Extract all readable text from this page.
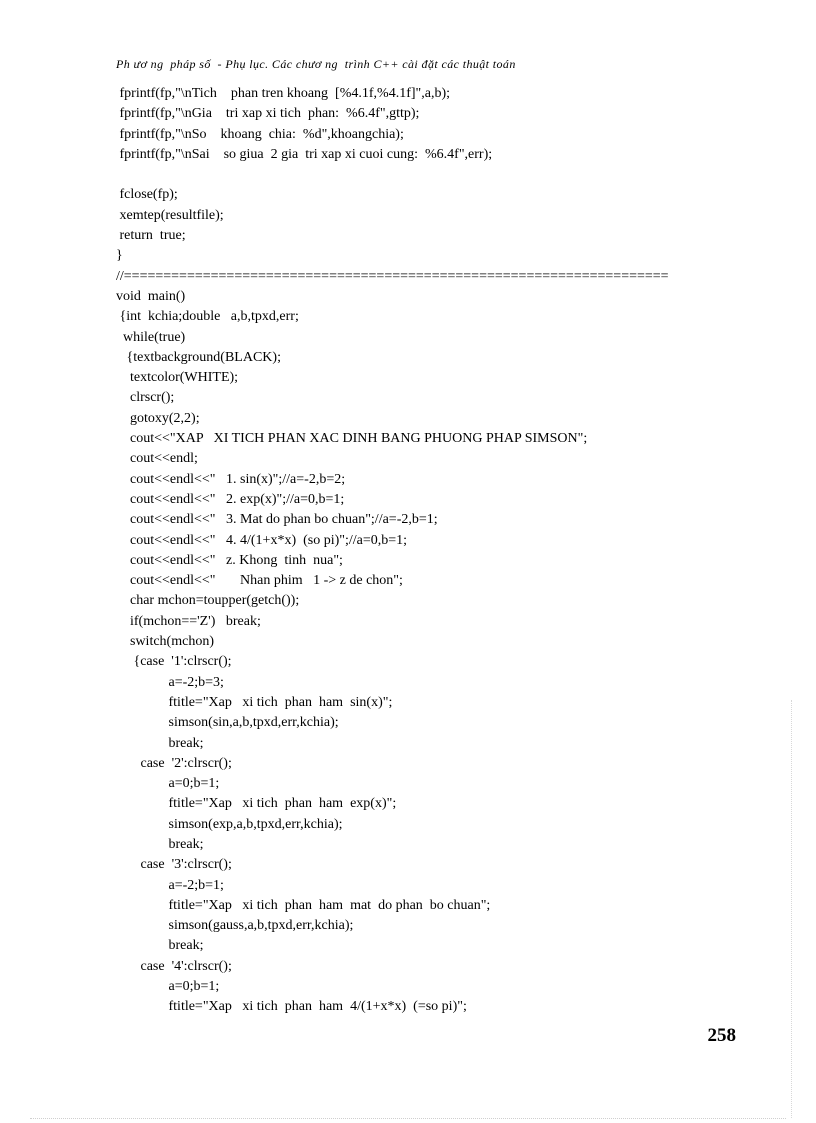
Ph ươ ng  pháp số  - Phụ lục. Các chươ ng  trình C++ cài đặt các thuật toán
fprintf(fp,"\nTich    phan tren khoang  [%4.1f,%4.1f]",a,b);
fprintf(fp,"\nGia    tri xap xi tich  phan:  %6.4f",gttp);
fprintf(fp,"\nSo    khoang  chia:  %d",khoangchia);
fprintf(fp,"\nSai    so giua  2 gia  tri xap xi cuoi cung:  %6.4f",err);
fclose(fp);
xemtep(resultfile);
return  true;
}
//=====================================================================
void  main()
{int  kchia;double   a,b,tpxd,err;
while(true)
{textbackground(BLACK);
textcolor(WHITE);
clrscr();
gotoxy(2,2);
cout<<"XAP   XI TICH PHAN XAC DINH BANG PHUONG PHAP SIMSON";
cout<<endl;
cout<<endl<<"   1. sin(x)";//a=-2,b=2;
cout<<endl<<"   2. exp(x)";//a=0,b=1;
cout<<endl<<"   3. Mat do phan bo chuan";//a=-2,b=1;
cout<<endl<<"   4. 4/(1+x*x)  (so pi)";//a=0,b=1;
cout<<endl<<"   z. Khong  tinh  nua";
cout<<endl<<"       Nhan phim   1 -> z de chon";
char mchon=toupper(getch());
if(mchon=='Z')   break;
switch(mchon)
{case  '1':clrscr();
a=-2;b=3;
ftitle="Xap   xi tich  phan  ham  sin(x)";
simson(sin,a,b,tpxd,err,kchia);
break;
case  '2':clrscr();
a=0;b=1;
ftitle="Xap   xi tich  phan  ham  exp(x)";
simson(exp,a,b,tpxd,err,kchia);
break;
case  '3':clrscr();
a=-2;b=1;
ftitle="Xap   xi tich  phan  ham  mat  do phan  bo chuan";
simson(gauss,a,b,tpxd,err,kchia);
break;
case  '4':clrscr();
a=0;b=1;
ftitle="Xap   xi tich  phan  ham  4/(1+x*x)  (=so pi)";
258
